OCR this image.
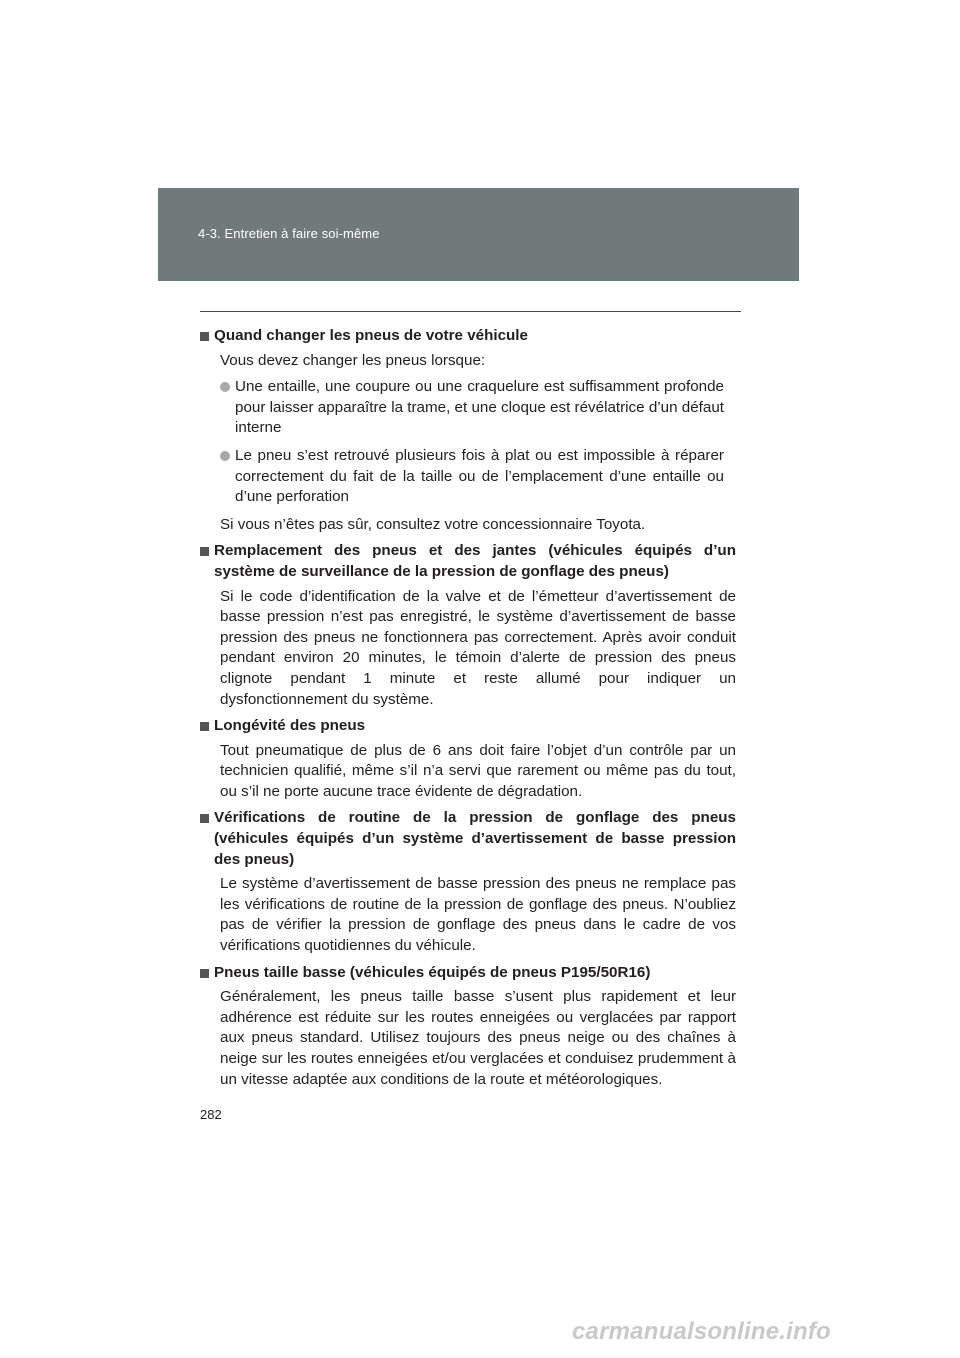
4-3. Entretien à faire soi-même
Quand changer les pneus de votre véhicule
Vous devez changer les pneus lorsque:
Une entaille, une coupure ou une craquelure est suffisamment profonde pour laisser apparaître la trame, et une cloque est révélatrice d’un défaut interne
Le pneu s’est retrouvé plusieurs fois à plat ou est impossible à réparer correctement du fait de la taille ou de l’emplacement d’une entaille ou d’une perforation
Si vous n’êtes pas sûr, consultez votre concessionnaire Toyota.
Remplacement des pneus et des jantes (véhicules équipés d’un système de surveillance de la pression de gonflage des pneus)
Si le code d’identification de la valve et de l’émetteur d’avertissement de basse pression n’est pas enregistré, le système d’avertissement de basse pression des pneus ne fonctionnera pas correctement. Après avoir conduit pendant environ 20 minutes, le témoin d’alerte de pression des pneus clignote pendant 1 minute et reste allumé pour indiquer un dysfonctionnement du système.
Longévité des pneus
Tout pneumatique de plus de 6 ans doit faire l’objet d’un contrôle par un technicien qualifié, même s’il n’a servi que rarement ou même pas du tout, ou s’il ne porte aucune trace évidente de dégradation.
Vérifications de routine de la pression de gonflage des pneus (véhicules équipés d’un système d’avertissement de basse pression des pneus)
Le système d’avertissement de basse pression des pneus ne remplace pas les vérifications de routine de la pression de gonflage des pneus. N’oubliez pas de vérifier la pression de gonflage des pneus dans le cadre de vos vérifications quotidiennes du véhicule.
Pneus taille basse (véhicules équipés de pneus P195/50R16)
Généralement, les pneus taille basse s’usent plus rapidement et leur adhérence est réduite sur les routes enneigées ou verglacées par rapport aux pneus standard. Utilisez toujours des pneus neige ou des chaînes à neige sur les routes enneigées et/ou verglacées et conduisez prudemment à un vitesse adaptée aux conditions de la route et météorologiques.
282
carmanualsonline.info
